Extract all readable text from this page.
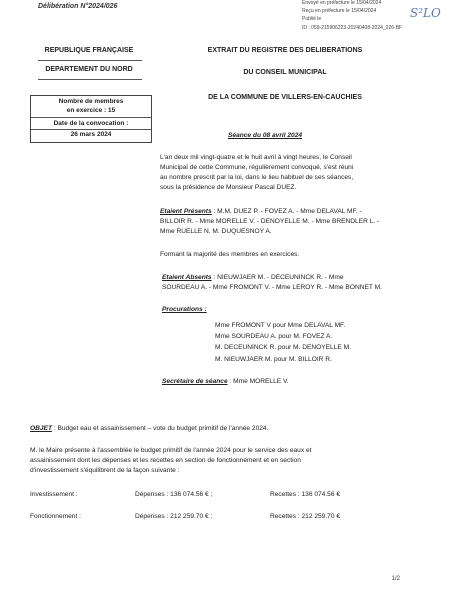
Envoyé en préfecture le 15/04/2024
Reçu en préfecture le 15/04/2024
Publié le
ID : 059-215906223-20240408-2024_026-BF
S²LO
Délibération N°2024/026
REPUBLIQUE FRANÇAISE
DEPARTEMENT DU NORD
Nombre de membres
en exercice : 15
Date de la convocation :
26 mars 2024
EXTRAIT DU REGISTRE DES DELIBERATIONS
DU CONSEIL MUNICIPAL
DE LA COMMUNE DE VILLERS-EN-CAUCHIES
Séance du 08 avril 2024
L'an deux mil vingt-quatre et le huit avril à vingt heures, le Conseil
Municipal de cette Commune, régulièrement convoqué, s'est réuni
au nombre prescrit par la loi, dans le lieu habituel de ses séances,
sous la présidence de Monsieur Pascal DUEZ.
Etaient Présents : M.M. DUEZ P. - FOVEZ A. - Mme DELAVAL MF. -
BILLOIR R. - Mme MORELLE V. - DENOYELLE M. - Mme BRENDLER L. -
Mme RUELLE N. M. DUQUESNOY A.
Formant la majorité des membres en exercices.
Etaient Absents : NIEUWJAER M. - DECEUNINCK R. - Mme
SOURDEAU A. - Mme FROMONT V. - Mme LEROY R. - Mme BONNET M.
Procurations :
Mme FROMONT V pour Mme DELAVAL MF.
Mme SOURDEAU A. pour M. FOVEZ A.
M. DECEUNINCK R. pour M. DENOYELLE M.
M. NIEUWJAER M. pour M. BILLOIR R.
Secrétaire de séance : Mme MORELLE V.
OBJET : Budget eau et assainissement – vote du budget primitif de l'année 2024.
M. le Maire présente à l'assemblée le budget primitif de l'année 2024 pour le service des eaux et
assainissement dont les dépenses et les recettes en section de fonctionnement et en section
d'investissement s'équilibrent de la façon suivante :
Investissement :	Dépenses : 136 074.56 € ;	Recettes : 136 074.56 €
Fonctionnement :	Dépenses : 212 259.70 € ;	Recettes : 212 259.70 €
1/2
